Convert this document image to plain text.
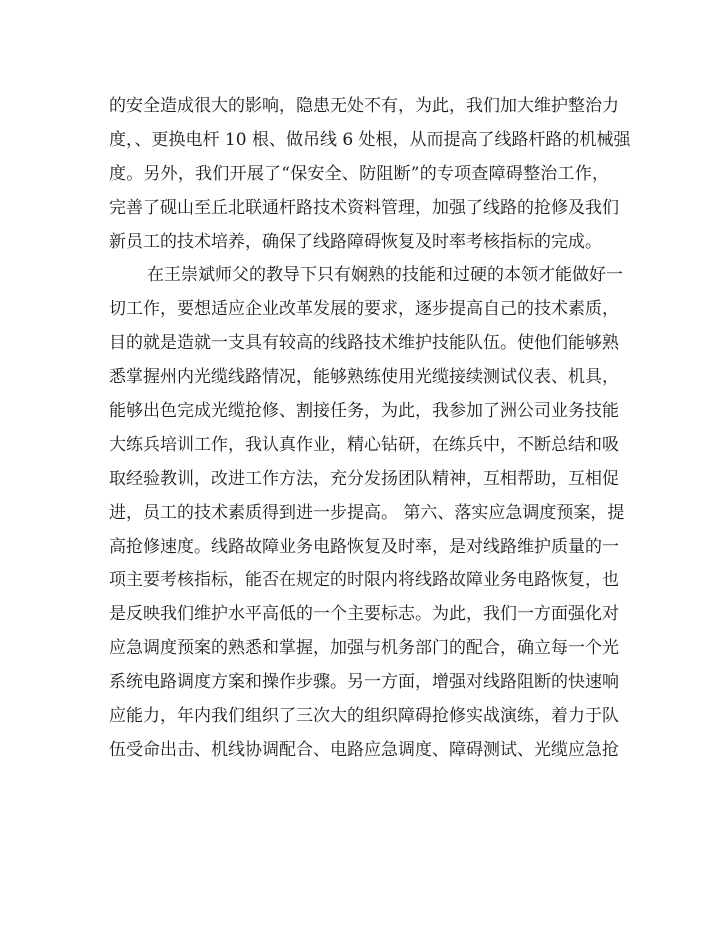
的安全造成很大的影响，隐患无处不有，为此，我们加大维护整治力
度，、更换电杆 10 根、做吊线 6 处根，从而提高了线路杆路的机械强
度。另外，我们开展了“保安全、防阻断”的专项查障碍整治工作，
完善了砚山至丘北联通杆路技术资料管理，加强了线路的抢修及我们
新员工的技术培养，确保了线路障碍恢复及时率考核指标的完成。
在王崇斌师父的教导下只有娴熟的技能和过硬的本领才能做好一
切工作，要想适应企业改革发展的要求，逐步提高自己的技术素质，
目的就是造就一支具有较高的线路技术维护技能队伍。使他们能够熟
悉掌握州内光缆线路情况，能够熟练使用光缆接续测试仪表、机具，
能够出色完成光缆抢修、割接任务，为此，我参加了洲公司业务技能
大练兵培训工作，我认真作业，精心钻研，在练兵中，不断总结和吸
取经验教训，改进工作方法，充分发扬团队精神，互相帮助，互相促
进，员工的技术素质得到进一步提高。 第六、落实应急调度预案，提
高抢修速度。线路故障业务电路恢复及时率，是对线路维护质量的一
项主要考核指标，能否在规定的时限内将线路故障业务电路恢复，也
是反映我们维护水平高低的一个主要标志。为此，我们一方面强化对
应急调度预案的熟悉和掌握，加强与机务部门的配合，确立每一个光
系统电路调度方案和操作步骤。另一方面，增强对线路阻断的快速响
应能力，年内我们组织了三次大的组织障碍抢修实战演练，着力于队
伍受命出击、机线协调配合、电路应急调度、障碍测试、光缆应急抢
